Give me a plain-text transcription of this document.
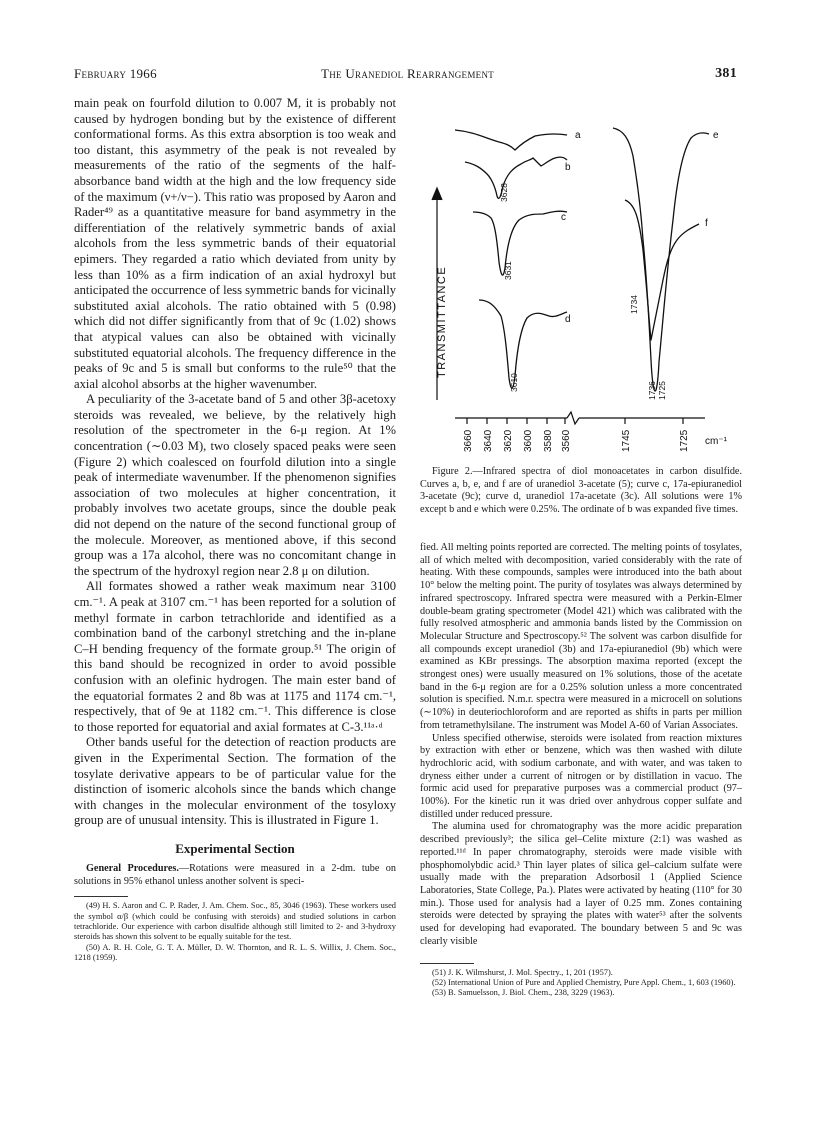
February 1966	The Uranediol Rearrangement	381

main peak on fourfold dilution to 0.007 M, it is probably not caused by hydrogen bonding but by the existence of different conformational forms. As this extra absorption is too weak and too distant, this asymmetry of the peak is not revealed by measurements of the ratio of the segments of the half-absorbance band width at the high and the low frequency side of the maximum (ν+/ν−). This ratio was proposed by Aaron and Rader⁴⁹ as a quantitative measure for band asymmetry in the differentiation of the relatively symmetric bands of axial alcohols from the less symmetric bands of their equatorial epimers. They regarded a ratio which deviated from unity by less than 10% as a firm indication of an axial hydroxyl but anticipated the occurrence of less symmetric bands for vicinally substituted axial alcohols. The ratio obtained with 5 (0.98) which did not differ significantly from that of 9c (1.02) shows that atypical values can also be obtained with vicinally substituted equatorial alcohols. The frequency difference in the peaks of 9c and 5 is small but conforms to the rule⁵⁰ that the axial alcohol absorbs at the higher wavenumber.

A peculiarity of the 3-acetate band of 5 and other 3β-acetoxy steroids was revealed, we believe, by the relatively high resolution of the spectrometer in the 6-μ region. At 1% concentration (∼0.03 M), two closely spaced peaks were seen (Figure 2) which coalesced on fourfold dilution into a single peak of intermediate wavenumber. If the phenomenon signifies association of two molecules at higher concentration, it probably involves two acetate groups, since the double peak did not depend on the nature of the second functional group of the molecule. Moreover, as mentioned above, if this second group was a 17a alcohol, there was no concomitant change in the spectrum of the hydroxyl region near 2.8 μ on dilution.

All formates showed a rather weak maximum near 3100 cm.⁻¹. A peak at 3107 cm.⁻¹ has been reported for a solution of methyl formate in carbon tetrachloride and identified as a combination band of the carbonyl stretching and the in-plane C–H bending frequency of the formate group.⁵¹ The origin of this band should be recognized in order to avoid possible confusion with an olefinic hydrogen. The main ester band of the equatorial formates 2 and 8b was at 1175 and 1174 cm.⁻¹, respectively, that of 9e at 1182 cm.⁻¹. This difference is close to those reported for equatorial and axial formates at C-3.¹¹ᵃ·ᵈ

Other bands useful for the detection of reaction products are given in the Experimental Section. The formation of the tosylate derivative appears to be of particular value for the distinction of isomeric alcohols since the bands which change with changes in the molecular environment of the tosyloxy group are of unusual intensity. This is illustrated in Figure 1.

Experimental Section

General Procedures.—Rotations were measured in a 2-dm. tube on solutions in 95% ethanol unless another solvent is speci-

(49) H. S. Aaron and C. P. Rader, J. Am. Chem. Soc., 85, 3046 (1963). These workers used the symbol α/β (which could be confusing with steroids) and studied solutions in carbon tetrachloride. Our experience with carbon disulfide although still limited to 2- and 3-hydroxy steroids has shown this solvent to be equally suitable for the test.

(50) A. R. H. Cole, G. T. A. Müller, D. W. Thornton, and R. L. S. Willix, J. Chem. Soc., 1218 (1959).

TRANSMITTANCE
a
b
c
d
e
f
3628
3631
3610
1734
1736 1725
3660 3640 3620 3600 3580 3560	1745	1725 cm⁻¹

Figure 2.—Infrared spectra of diol monoacetates in carbon disulfide. Curves a, b, e, and f are of uranediol 3-acetate (5); curve c, 17a-epiuranediol 3-acetate (9c); curve d, uranediol 17a-acetate (3c). All solutions were 1% except b and e which were 0.25%. The ordinate of b was expanded five times.

fied. All melting points reported are corrected. The melting points of tosylates, all of which melted with decomposition, varied considerably with the rate of heating. With these compounds, samples were introduced into the bath about 10° below the melting point. The purity of tosylates was always determined by infrared spectroscopy. Infrared spectra were measured with a Perkin-Elmer double-beam grating spectrometer (Model 421) which was calibrated with the fully resolved atmospheric and ammonia bands listed by the Commission on Molecular Structure and Spectroscopy.⁵² The solvent was carbon disulfide for all compounds except uranediol (3b) and 17a-epiuranediol (9b) which were examined as KBr pressings. The absorption maxima reported (except the strongest ones) were usually measured on 1% solutions, those of the acetate band in the 6-μ region are for a 0.25% solution unless a more concentrated solution is specified. N.m.r. spectra were measured in a microcell on solutions (∼10%) in deuteriochloroform and are reported as shifts in parts per million from tetramethylsilane. The instrument was Model A-60 of Varian Associates.

Unless specified otherwise, steroids were isolated from reaction mixtures by extraction with ether or benzene, which was then washed with dilute hydrochloric acid, with sodium carbonate, and with water, and was taken to dryness either under a current of nitrogen or by distillation in vacuo. The formic acid used for preparative purposes was a commercial product (97–100%). For the kinetic run it was dried over anhydrous copper sulfate and distilled under reduced pressure.

The alumina used for chromatography was the more acidic preparation described previously³; the silica gel–Celite mixture (2:1) was washed as reported.¹¹ᵈ In paper chromatography, steroids were made visible with phosphomolybdic acid.³ Thin layer plates of silica gel–calcium sulfate were usually made with the preparation Adsorbosil 1 (Applied Science Laboratories, State College, Pa.). Plates were activated by heating (110° for 30 min.). Those used for analysis had a layer of 0.25 mm. Zones containing steroids were detected by spraying the plates with water⁵³ after the solvents used for developing had evaporated. The boundary between 5 and 9c was clearly visible

(51) J. K. Wilmshurst, J. Mol. Spectry., 1, 201 (1957).

(52) International Union of Pure and Applied Chemistry, Pure Appl. Chem., 1, 603 (1960).

(53) B. Samuelsson, J. Biol. Chem., 238, 3229 (1963).
